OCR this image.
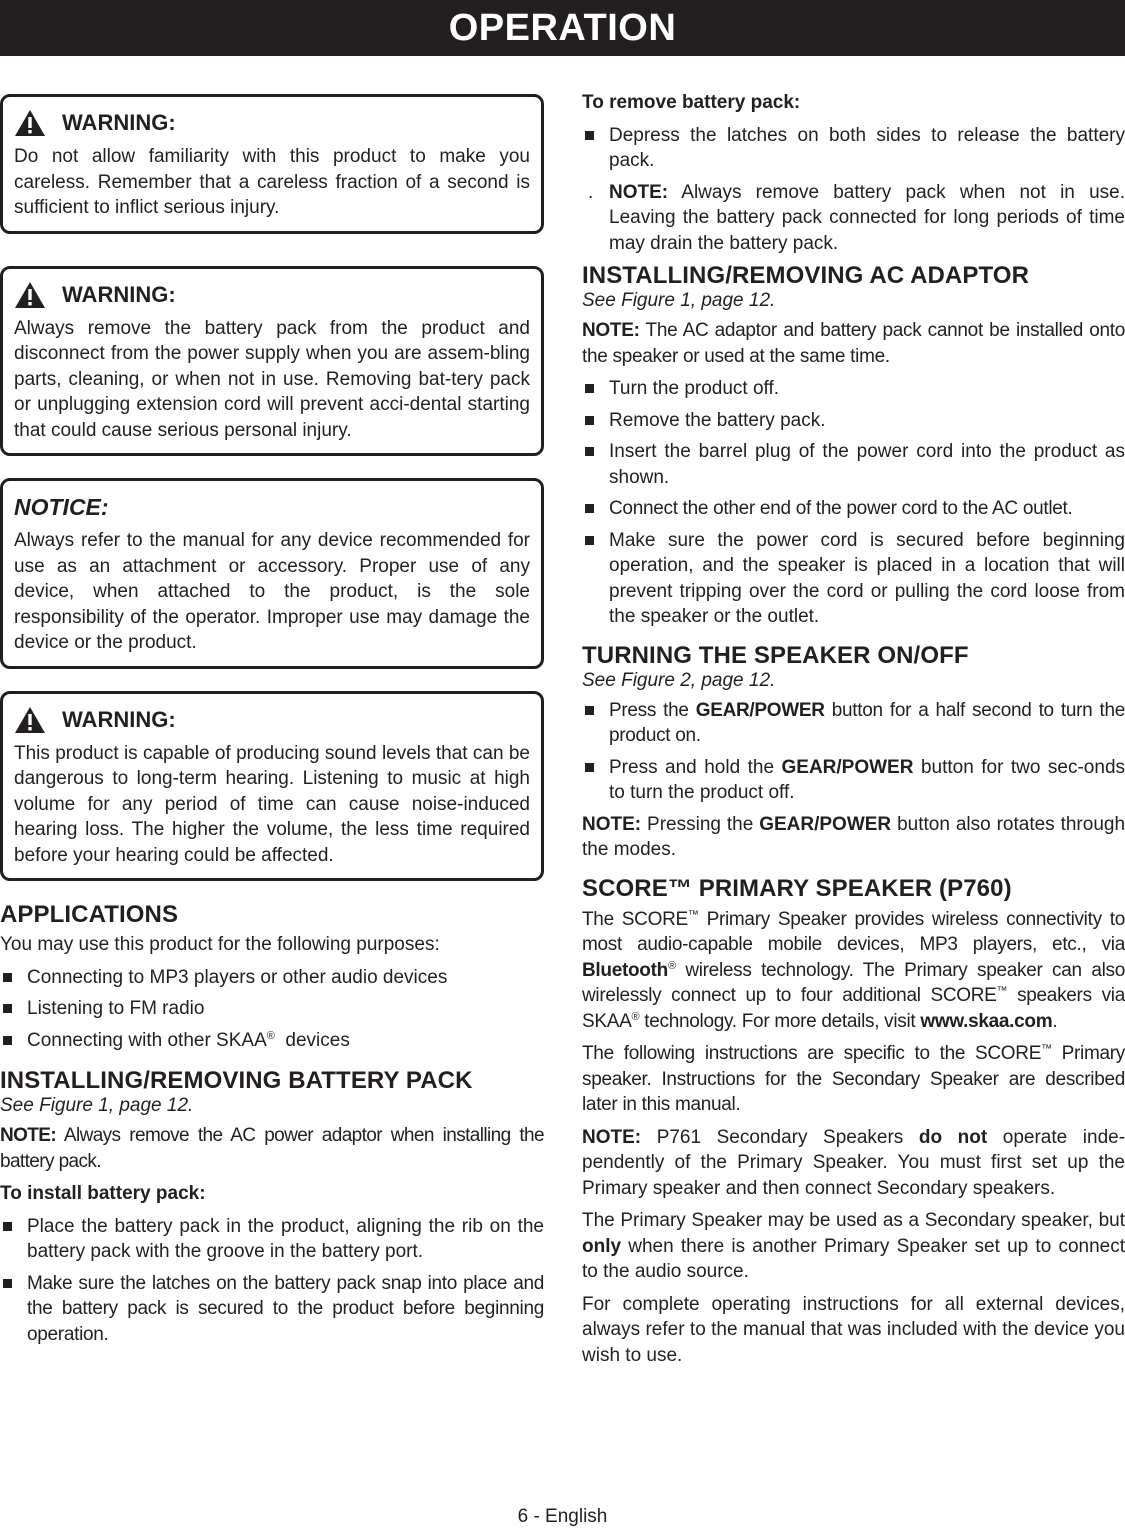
OPERATION
WARNING:

Do not allow familiarity with this product to make you careless. Remember that a careless fraction of a second is sufficient to inflict serious injury.

WARNING:

Always remove the battery pack from the product and disconnect from the power supply when you are assem-bling parts, cleaning, or when not in use. Removing bat-tery pack or unplugging extension cord will prevent acci-dental starting that could cause serious personal injury.

NOTICE:

Always refer to the manual for any device recommended for use as an attachment or accessory. Proper use of any device, when attached to the product, is the sole responsibility of the operator. Improper use may damage the device or the product.

WARNING:

This product is capable of producing sound levels that can be dangerous to long-term hearing. Listening to music at high volume for any period of time can cause noise-induced hearing loss. The higher the volume, the less time required before your hearing could be affected.

APPLICATIONS

You may use this product for the following purposes:

Connecting to MP3 players or other audio devices
Listening to FM radio
Connecting with other SKAA® devices
INSTALLING/REMOVING BATTERY PACK
See Figure 1, page 12.

NOTE: Always remove the AC power adaptor when installing the battery pack.

To install battery pack:

Place the battery pack in the product, aligning the rib on the battery pack with the groove in the battery port.
Make sure the latches on the battery pack snap into place and the battery pack is secured to the product before beginning operation.

To remove battery pack:

Depress the latches on both sides to release the battery pack.
. NOTE: Always remove battery pack when not in use. Leaving the battery pack connected for long periods of time may drain the battery pack.
INSTALLING/REMOVING AC ADAPTOR
See Figure 1, page 12.

NOTE: The AC adaptor and battery pack cannot be installed onto the speaker or used at the same time.

Turn the product off.
Remove the battery pack.
Insert the barrel plug of the power cord into the product as shown.
Connect the other end of the power cord to the AC outlet.
Make sure the power cord is secured before beginning operation, and the speaker is placed in a location that will prevent tripping over the cord or pulling the cord loose from the speaker or the outlet.
TURNING THE SPEAKER ON/OFF
See Figure 2, page 12.
Press the GEAR/POWER button for a half second to turn the product on.
Press and hold the GEAR/POWER button for two sec-onds to turn the product off.

NOTE: Pressing the GEAR/POWER button also rotates through the modes.

SCORE™ PRIMARY SPEAKER (P760)

The SCORE™ Primary Speaker provides wireless connectivity to most audio-capable mobile devices, MP3 players, etc., via Bluetooth® wireless technology. The Primary speaker can also wirelessly connect up to four additional SCORE™ speakers via SKAA® technology. For more details, visit www.skaa.com.

The following instructions are specific to the SCORE™ Primary speaker. Instructions for the Secondary Speaker are described later in this manual.

NOTE: P761 Secondary Speakers do not operate inde-pendently of the Primary Speaker. You must first set up the Primary speaker and then connect Secondary speakers.

The Primary Speaker may be used as a Secondary speaker, but only when there is another Primary Speaker set up to connect to the audio source.

For complete operating instructions for all external devices, always refer to the manual that was included with the device you wish to use.

6 - English
